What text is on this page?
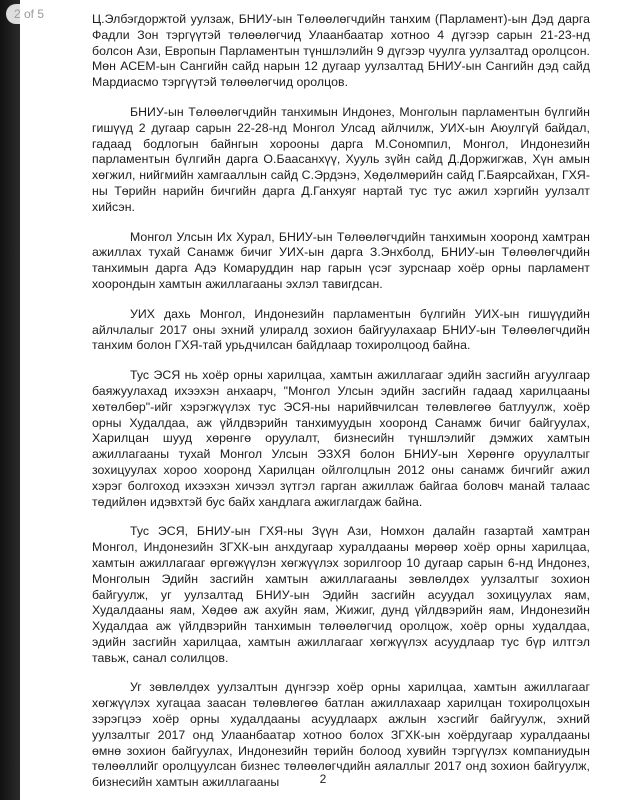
2 of 5	Ц.Элбэгдоржтой уулзаж, БНИУ-ын Төлөөлөгчдийн танхим (Парламент)-ын Дэд дарга Фадли Зон тэргүүтэй төлөөлөгчид Улаанбаатар хотноо 4 дүгээр сарын 21-23-нд болсон Ази, Европын Парламентын түншлэлийн 9 дүгээр чуулга уулзалтад оролцсон. Мөн АСЕМ-ын Сангийн сайд нарын 12 дугаар уулзалтад БНИУ-ын Сангийн дэд сайд Мардиасмо тэргүүтэй төлөөлөгчид оролцов.

БНИУ-ын Төлөөлөгчдийн танхимын Индонез, Монголын парламентын бүлгийн гишүүд 2 дугаар сарын 22-28-нд Монгол Улсад айлчилж, УИХ-ын Аюулгүй байдал, гадаад бодлогын байнгын хорооны дарга М.Сономпил, Монгол, Индонезийн парламентын бүлгийн дарга О.Баасанхүү, Хууль зүйн сайд Д.Доржигжав, Хүн амын хөгжил, нийгмийн хамгааллын сайд С.Эрдэнэ, Хөдөлмөрийн сайд Г.Баярсайхан, ГХЯ-ны Төрийн нарийн бичгийн дарга Д.Ганхуяг нартай тус тус ажил хэргийн уулзалт хийсэн.

Монгол Улсын Их Хурал, БНИУ-ын Төлөөлөгчдийн танхимын хооронд хамтран ажиллах тухай Санамж бичиг УИХ-ын дарга З.Энхболд, БНИУ-ын Төлөөлөгчдийн танхимын дарга Адэ Комаруддин нар гарын үсэг зурснаар хоёр орны парламент хоорондын хамтын ажиллагааны эхлэл тавигдсан.

УИХ дахь Монгол, Индонезийн парламентын бүлгийн УИХ-ын гишүүдийн айлчлалыг 2017 оны эхний улиралд зохион байгуулахаар БНИУ-ын Төлөөлөгчдийн танхим болон ГХЯ-тай урьдчилсан байдлаар тохиролцоод байна.

Тус ЭСЯ нь хоёр орны харилцаа, хамтын ажиллагааг эдийн засгийн агуулгаар баяжуулахад ихээхэн анхаарч, "Монгол Улсын эдийн засгийн гадаад харилцааны хөтөлбөр"-ийг хэрэгжүүлэх тус ЭСЯ-ны нарийвчилсан төлөвлөгөө батлуулж, хоёр орны Худалдаа, аж үйлдвэрийн танхимуудын хооронд Санамж бичиг байгуулах, Харилцан шууд хөрөнгө оруулалт, бизнесийн түншлэлийг дэмжих хамтын ажиллагааны тухай Монгол Улсын ЭЗХЯ болон БНИУ-ын Хөрөнгө оруулалтыг зохицуулах хороо хооронд Харилцан ойлголцлын 2012 оны санамж бичгийг ажил хэрэг болгоход ихээхэн хичээл зүтгэл гарган ажиллаж байгаа боловч манай талаас төдийлөн идэвхтэй бус байх хандлага ажиглагдаж байна.

Тус ЭСЯ, БНИУ-ын ГХЯ-ны Зүүн Ази, Номхон далайн газартай хамтран Монгол, Индонезийн ЗГХК-ын анхдугаар хуралдааны мөрөөр хоёр орны харилцаа, хамтын ажиллагааг өргөжүүлэн хөгжүүлэх зорилгоор 10 дугаар сарын 6-нд Индонез, Монголын Эдийн засгийн хамтын ажиллагааны зөвлөлдөх уулзалтыг зохион байгуулж, уг уулзалтад БНИУ-ын Эдийн засгийн асуудал зохицуулах яам, Худалдааны яам, Хөдөө аж ахуйн яам, Жижиг, дунд үйлдвэрийн яам, Индонезийн Худалдаа аж үйлдвэрийн танхимын төлөөлөгчид оролцож, хоёр орны худалдаа, эдийн засгийн харилцаа, хамтын ажиллагааг хөгжүүлэх асуудлаар тус бүр илтгэл тавьж, санал солилцов.

Уг зөвлөлдөх уулзалтын дүнгээр хоёр орны харилцаа, хамтын ажиллагааг хөгжүүлэх хугацаа заасан төлөвлөгөө батлан ажиллахаар харилцан тохиролцохын зэрэгцээ хоёр орны худалдааны асуудлаарх ажлын хэсгийг байгуулж, эхний уулзалтыг 2017 онд Улаанбаатар хотноо болох ЗГХК-ын хоёрдугаар хуралдааны өмнө зохион байгуулах, Индонезийн төрийн болоод хувийн тэргүүлэх компаниудын төлөөллийг оролцуулсан бизнес төлөөлөгчдийн аялаллыг 2017 онд зохион байгуулж, бизнесийн хамтын ажиллагааны	2
